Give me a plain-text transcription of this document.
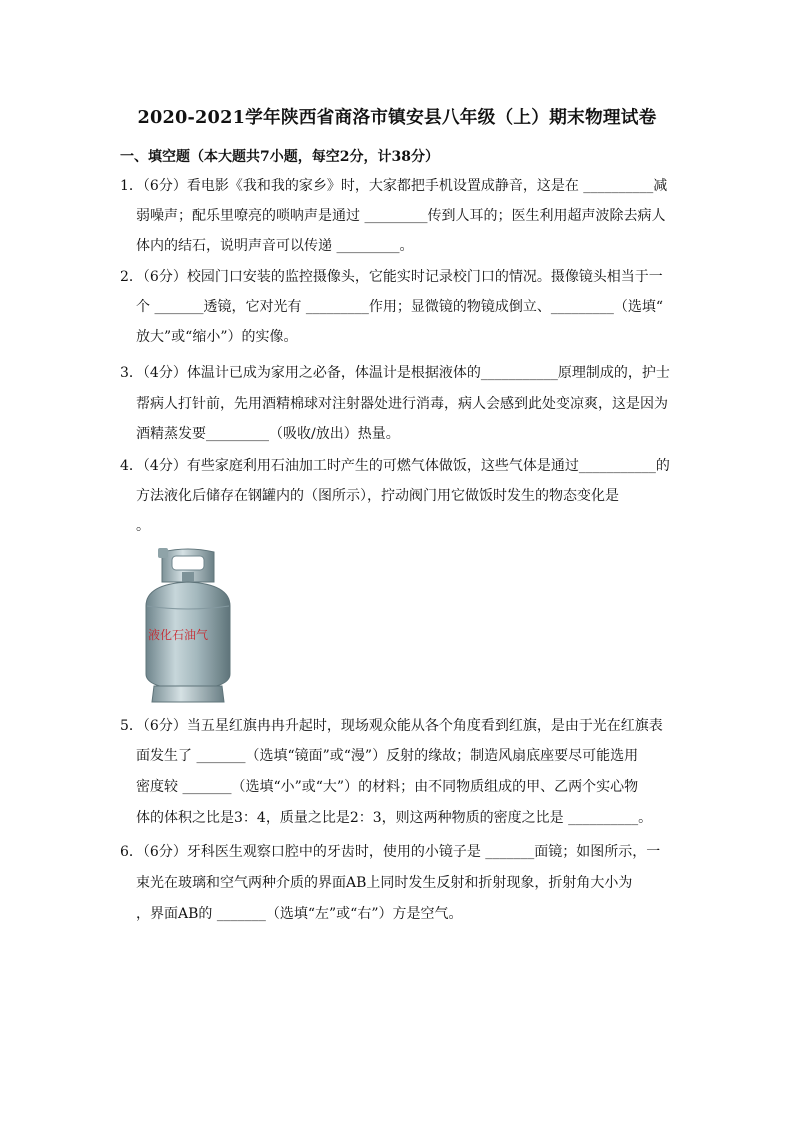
2020-2021学年陕西省商洛市镇安县八年级（上）期末物理试卷
一、填空题（本大题共7小题，每空2分，计38分）
1．（6分）看电影《我和我的家乡》时，大家都把手机设置成静音，这是在 __________减
弱噪声；配乐里嘹亮的唢呐声是通过 _________传到人耳的；医生利用超声波除去病人
体内的结石，说明声音可以传递 _________。
2．（6分）校园门口安装的监控摄像头，它能实时记录校门口的情况。摄像镜头相当于一
个 _______透镜，它对光有 _________作用；显微镜的物镜成倒立、_________（选填“
放大”或“缩小”）的实像。
3．（4分）体温计已成为家用之必备，体温计是根据液体的___________原理制成的，护士
帮病人打针前，先用酒精棉球对注射器处进行消毒，病人会感到此处变凉爽，这是因为
酒精蒸发要_________（吸收/放出）热量。
4．（4分）有些家庭利用石油加工时产生的可燃气体做饭，这些气体是通过___________的
方法液化后储存在钢罐内的（图所示），拧动阀门用它做饭时发生的物态变化是
。
液化石油气
5．（6分）当五星红旗冉冉升起时，现场观众能从各个角度看到红旗，是由于光在红旗表
面发生了 _______（选填“镜面”或“漫”）反射的缘故；制造风扇底座要尽可能选用
密度较 _______（选填“小”或“大”）的材料；由不同物质组成的甲、乙两个实心物
体的体积之比是3：4，质量之比是2：3，则这两种物质的密度之比是 __________。
6．（6分）牙科医生观察口腔中的牙齿时，使用的小镜子是 _______面镜；如图所示，一
束光在玻璃和空气两种介质的界面AB上同时发生反射和折射现象，折射角大小为
，界面AB的 _______（选填“左”或“右”）方是空气。
